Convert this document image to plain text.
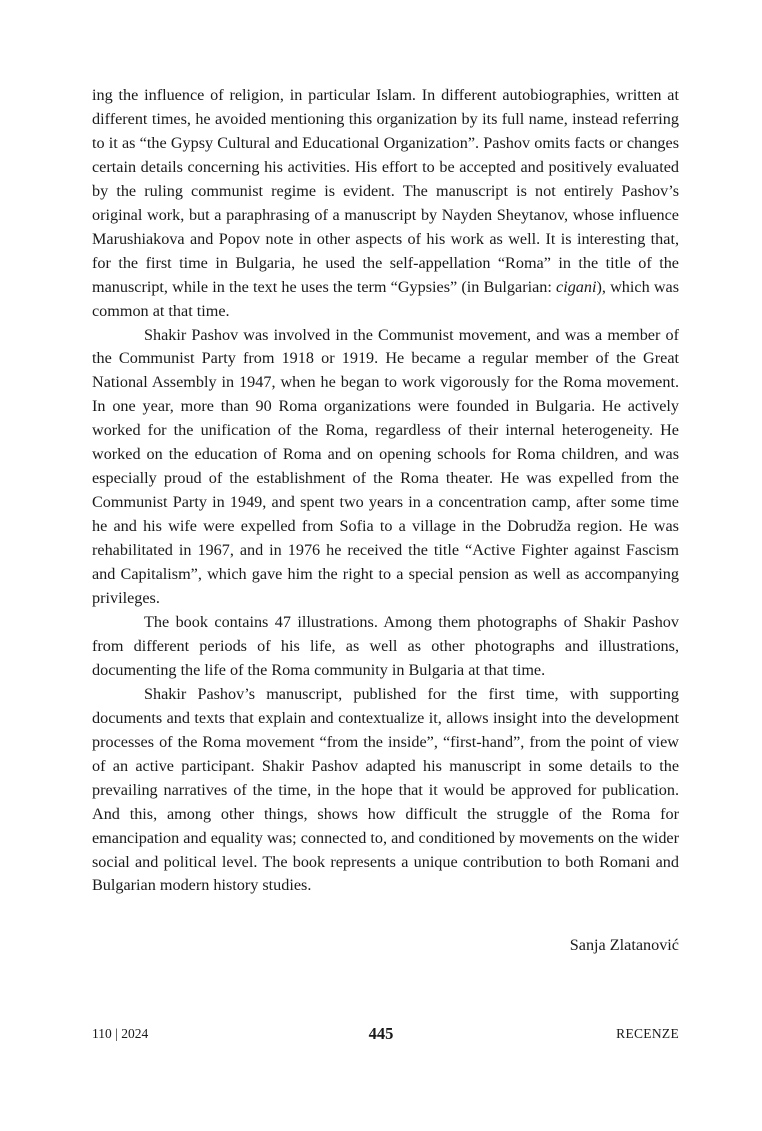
ing the influence of religion, in particular Islam. In different autobiographies, written at different times, he avoided mentioning this organization by its full name, instead referring to it as “the Gypsy Cultural and Educational Organization”. Pashov omits facts or changes certain details concerning his activities. His effort to be accepted and positively evaluated by the ruling communist regime is evident. The manuscript is not entirely Pashov’s original work, but a paraphrasing of a manuscript by Nayden Sheytanov, whose influence Marushiakova and Popov note in other aspects of his work as well. It is interesting that, for the first time in Bulgaria, he used the self-appellation “Roma” in the title of the manuscript, while in the text he uses the term “Gypsies” (in Bulgarian: cigani), which was common at that time.

Shakir Pashov was involved in the Communist movement, and was a member of the Communist Party from 1918 or 1919. He became a regular member of the Great National Assembly in 1947, when he began to work vigorously for the Roma movement. In one year, more than 90 Roma organizations were founded in Bulgaria. He actively worked for the unification of the Roma, regardless of their internal heterogeneity. He worked on the education of Roma and on opening schools for Roma children, and was especially proud of the establishment of the Roma theater. He was expelled from the Communist Party in 1949, and spent two years in a concentration camp, after some time he and his wife were expelled from Sofia to a village in the Dobrudža region. He was rehabilitated in 1967, and in 1976 he received the title “Active Fighter against Fascism and Capitalism”, which gave him the right to a special pension as well as accompanying privileges.

The book contains 47 illustrations. Among them photographs of Shakir Pashov from different periods of his life, as well as other photographs and illustrations, documenting the life of the Roma community in Bulgaria at that time.

Shakir Pashov’s manuscript, published for the first time, with supporting documents and texts that explain and contextualize it, allows insight into the development processes of the Roma movement “from the inside”, “first-hand”, from the point of view of an active participant. Shakir Pashov adapted his manuscript in some details to the prevailing narratives of the time, in the hope that it would be approved for publication. And this, among other things, shows how difficult the struggle of the Roma for emancipation and equality was; connected to, and conditioned by movements on the wider social and political level. The book represents a unique contribution to both Romani and Bulgarian modern history studies.

Sanja Zlatanović

110 | 2024	445	RECENZE
